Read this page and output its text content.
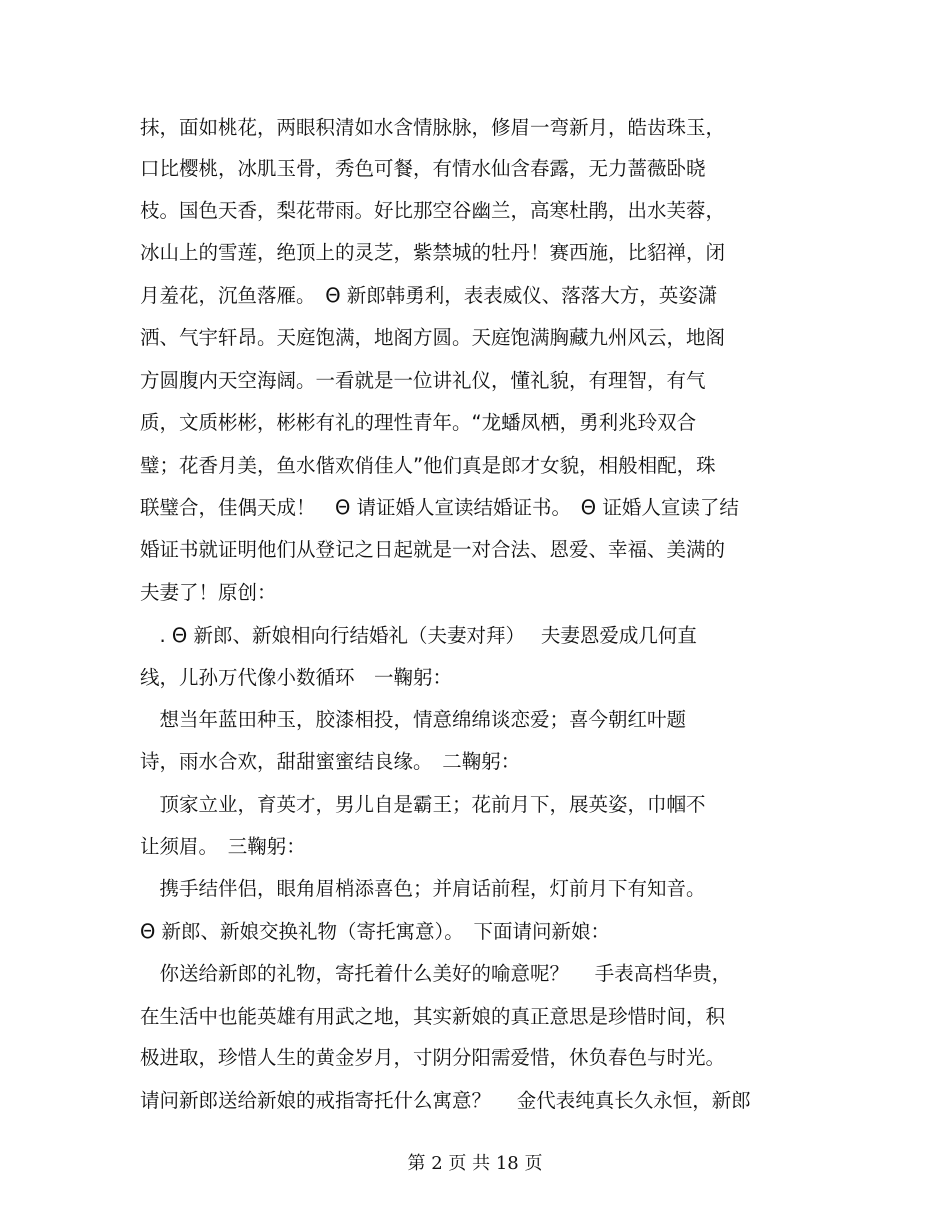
抹，面如桃花，两眼积清如水含情脉脉，修眉一弯新月，皓齿珠玉，
口比樱桃，冰肌玉骨，秀色可餐，有情水仙含春露，无力蔷薇卧晓
枝。国色天香，梨花带雨。好比那空谷幽兰，高寒杜鹃，出水芙蓉，
冰山上的雪莲，绝顶上的灵芝，紫禁城的牡丹！赛西施，比貂禅，闭
月羞花，沉鱼落雁。　Θ 新郎韩勇利，表表威仪、落落大方，英姿潇
洒、气宇轩昂。天庭饱满，地阁方圆。天庭饱满胸藏九州风云，地阁
方圆腹内天空海阔。一看就是一位讲礼仪，懂礼貌，有理智，有气
质，文质彬彬，彬彬有礼的理性青年。“龙蟠凤栖，勇利兆玲双合
璧；花香月美，鱼水偕欢俏佳人”他们真是郎才女貌，相般相配，珠
联璧合，佳偶天成！　Θ 请证婚人宣读结婚证书。　Θ 证婚人宣读了结
婚证书就证明他们从登记之日起就是一对合法、恩爱、幸福、美满的
夫妻了！原创：
　. Θ 新郎、新娘相向行结婚礼（夫妻对拜）　 夫妻恩爱成几何直
线，儿孙万代像小数循环　一鞠躬：
　想当年蓝田种玉，胶漆相投，情意绵绵谈恋爱；喜今朝红叶题
诗，雨水合欢，甜甜蜜蜜结良缘。　二鞠躬：
　顶家立业，育英才，男儿自是霸王；花前月下，展英姿，巾帼不
让须眉。　三鞠躬：
　携手结伴侣，眼角眉梢添喜色；并肩话前程，灯前月下有知音。
Θ 新郎、新娘交换礼物（寄托寓意）。　下面请问新娘：
　你送给新郎的礼物，寄托着什么美好的喻意呢？　 手表高档华贵，
在生活中也能英雄有用武之地，其实新娘的真正意思是珍惜时间，积
极进取，珍惜人生的黄金岁月，寸阴分阳需爱惜，休负春色与时光。
请问新郎送给新娘的戒指寄托什么寓意？　 金代表纯真长久永恒，新郎
第 2 页 共 18 页
